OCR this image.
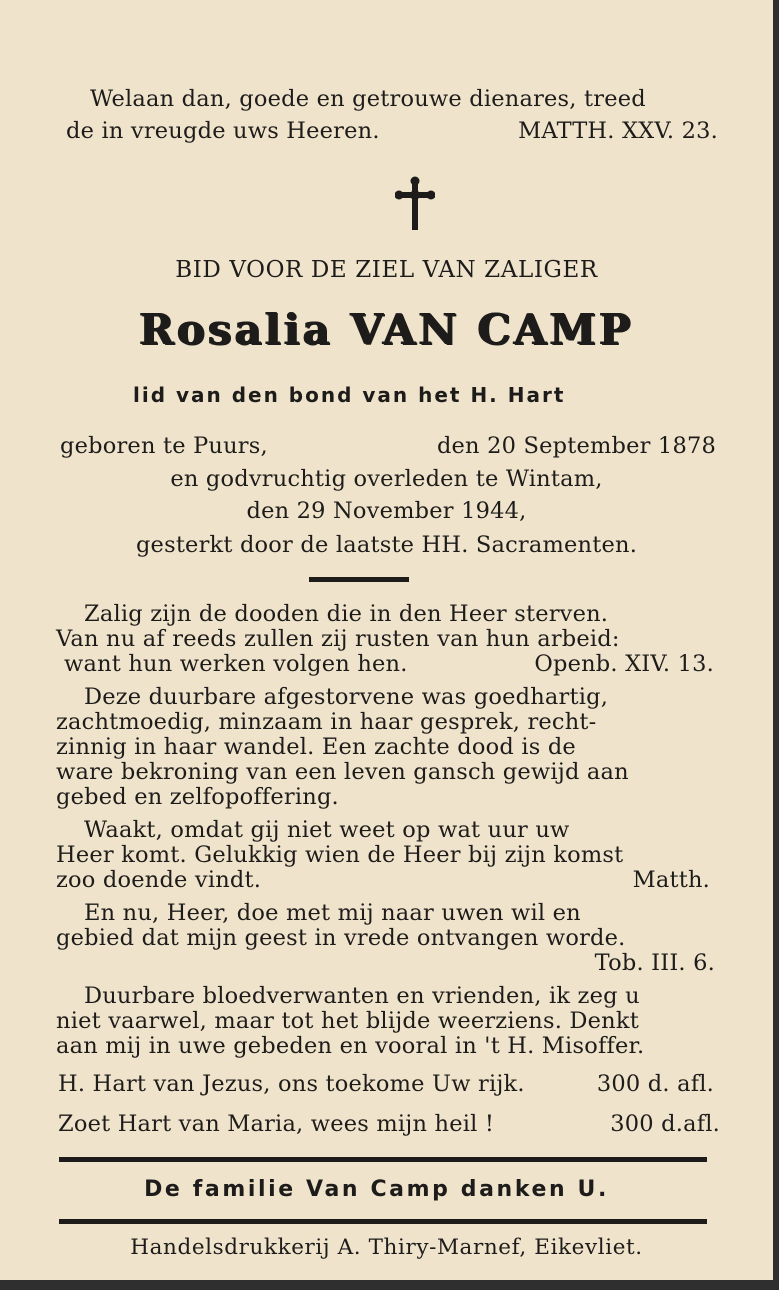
Welaan dan, goede en getrouwe dienares, treed
de in vreugde uws Heeren.	MATTH. XXV. 23.
BID VOOR DE ZIEL VAN ZALIGER
Rosalia VAN CAMP
lid van den bond van het H. Hart
geboren te Puurs,	den 20 September 1878
en godvruchtig overleden te Wintam,
den 29 November 1944,
gesterkt door de laatste HH. Sacramenten.
Zalig zijn de dooden die in den Heer sterven.
Van nu af reeds zullen zij rusten van hun arbeid:
want hun werken volgen hen.	Openb. XIV. 13.
Deze duurbare afgestorvene was goedhartig,
zachtmoedig, minzaam in haar gesprek, recht-
zinnig in haar wandel. Een zachte dood is de
ware bekroning van een leven gansch gewijd aan
gebed en zelfopoffering.
Waakt, omdat gij niet weet op wat uur uw
Heer komt. Gelukkig wien de Heer bij zijn komst
zoo doende vindt.	Matth.
En nu, Heer, doe met mij naar uwen wil en
gebied dat mijn geest in vrede ontvangen worde.
Tob. III. 6.
Duurbare bloedverwanten en vrienden, ik zeg u
niet vaarwel, maar tot het blijde weerziens. Denkt
aan mij in uwe gebeden en vooral in 't H. Misoffer.
H. Hart van Jezus, ons toekome Uw rijk.	300 d. afl.
Zoet Hart van Maria, wees mijn heil !	300 d.afl.
De familie Van Camp danken U.
Handelsdrukkerij A. Thiry-Marnef, Eikevliet.
